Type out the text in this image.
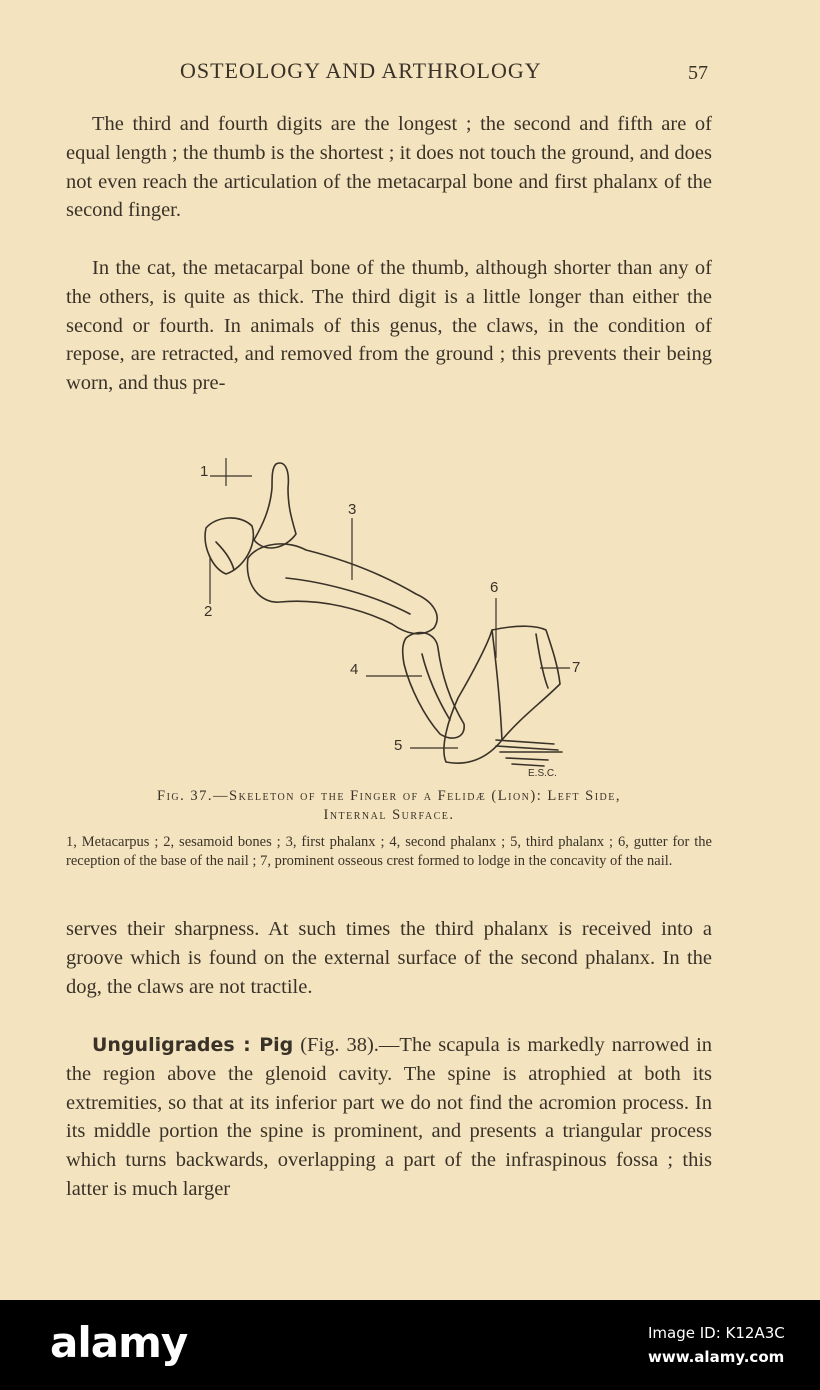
OSTEOLOGY AND ARTHROLOGY	57

The third and fourth digits are the longest ; the second and fifth are of equal length ; the thumb is the shortest ; it does not touch the ground, and does not even reach the articulation of the metacarpal bone and first phalanx of the second finger.

In the cat, the metacarpal bone of the thumb, although shorter than any of the others, is quite as thick. The third digit is a little longer than either the second or fourth. In animals of this genus, the claws, in the condition of repose, are retracted, and removed from the ground ; this prevents their being worn, and thus pre-

1
2
3
4
5
6
7
E.S.C.
Fig. 37.—Skeleton of the Finger of a Felidæ (Lion): Left Side,
Internal Surface.
1, Metacarpus ; 2, sesamoid bones ; 3, first phalanx ; 4, second phalanx ; 5, third phalanx ; 6, gutter for the reception of the base of the nail ; 7, prominent osseous crest formed to lodge in the concavity of the nail.

serves their sharpness. At such times the third phalanx is received into a groove which is found on the external surface of the second phalanx. In the dog, the claws are not tractile.

Unguligrades : Pig (Fig. 38).—The scapula is markedly narrowed in the region above the glenoid cavity. The spine is atrophied at both its extremities, so that at its inferior part we do not find the acromion process. In its middle portion the spine is prominent, and presents a triangular process which turns backwards, overlapping a part of the infraspinous fossa ; this latter is much larger

alamy	Image ID: K12A3C
www.alamy.com
